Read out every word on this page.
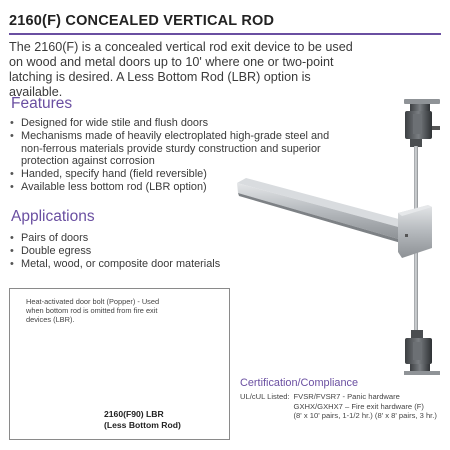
2160(F) CONCEALED VERTICAL ROD

The 2160(F) is a concealed vertical rod exit device to be used on wood and metal doors up to 10' where one or two-point latching is desired. A Less Bottom Rod (LBR) option is available.

Features
• Designed for wide stile and flush doors
• Mechanisms made of heavily electroplated high-grade steel and non-ferrous materials provide sturdy construction and superior protection against corrosion
• Handed, specify hand (field reversible)
• Available less bottom rod (LBR option)
Applications
• Pairs of doors
• Double egress
• Metal, wood, or composite door materials

Heat-activated door bolt (Popper) - Used when bottom rod is omitted from fire exit devices (LBR).

2160(F90) LBR
(Less Bottom Rod)

Certification/Compliance
UL/cUL Listed: FVSR/FVSR7 - Panic hardware
GXHX/GXHX7 – Fire exit hardware (F)
(8' x 10' pairs, 1-1/2 hr.) (8' x 8' pairs, 3 hr.)
